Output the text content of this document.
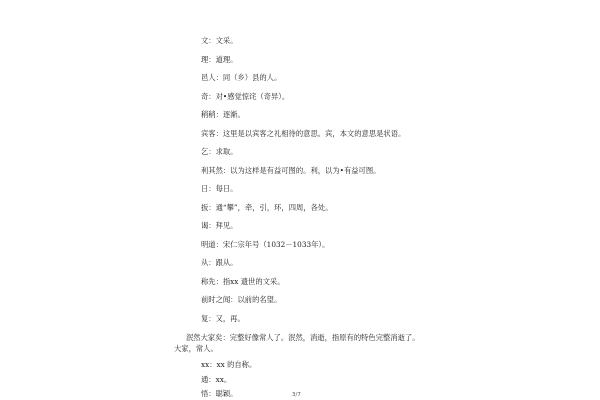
文：文采。
理：道理。
邑人：同（乡）县的人。
奇：对•感觉惊诧（奇异）。
稍稍：逐渐。
宾客：这里是以宾客之礼相待的意思。宾，本文的意思是状语。
乞：求取。
利其然：以为这样是有益可图的。利，以为•有益可图。
日：每日。
扳：通“攀”，牵，引，环，四周，各处。
谒：拜见。
明道：宋仁宗年号（1032－1033年）。
从：跟从。
称先：指xx 遗世的文采。
前时之闻：以前的名望。
复：又，再。
泯然大家矣：完整好像常人了。泯然，消逝，指原有的特色完整消逝了。
大家，常人。
xx：xx 的自称。
通：xx。
悟：聪颖。	3/7
